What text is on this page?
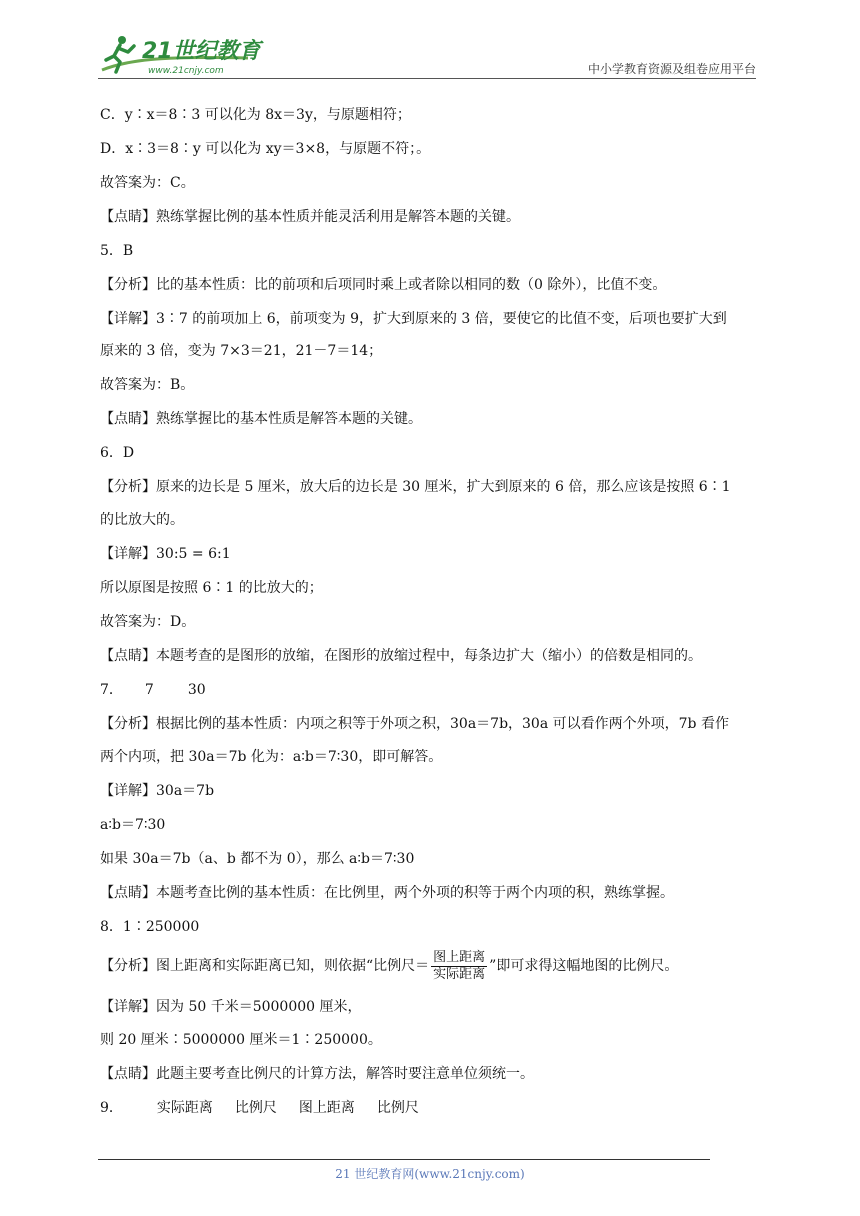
21世纪教育
www.21cnjy.com	中小学教育资源及组卷应用平台
C．y∶x＝8∶3 可以化为 8x＝3y，与原题相符；
D．x∶3＝8∶y 可以化为 xy＝3×8，与原题不符；。
故答案为：C。
【点睛】熟练掌握比例的基本性质并能灵活利用是解答本题的关键。
5．B
【分析】比的基本性质：比的前项和后项同时乘上或者除以相同的数（0 除外），比值不变。
【详解】3∶7 的前项加上 6，前项变为 9，扩大到原来的 3 倍，要使它的比值不变，后项也要扩大到
原来的 3 倍，变为 7×3＝21，21－7＝14；
故答案为：B。
【点睛】熟练掌握比的基本性质是解答本题的关键。
6．D
【分析】原来的边长是 5 厘米，放大后的边长是 30 厘米，扩大到原来的 6 倍，那么应该是按照 6∶1
的比放大的。
【详解】30:5 = 6:1
所以原图是按照 6∶1 的比放大的；
故答案为：D。
【点睛】本题考查的是图形的放缩，在图形的放缩过程中，每条边扩大（缩小）的倍数是相同的。
7． 7 30
【分析】根据比例的基本性质：内项之积等于外项之积，30a＝7b，30a 可以看作两个外项，7b 看作
两个内项，把 30a＝7b 化为：a∶b＝7∶30，即可解答。
【详解】30a＝7b
a∶b＝7∶30
如果 30a＝7b（a、b 都不为 0），那么 a∶b＝7∶30
【点睛】本题考查比例的基本性质：在比例里，两个外项的积等于两个内项的积，熟练掌握。
8．1∶250000
【分析】图上距离和实际距离已知，则依据“比例尺＝ $\frac{\text{图上距离}}{\text{实际距离}}$ ”即可求得这幅地图的比例尺。
【详解】因为 50 千米＝5000000 厘米，
则 20 厘米∶5000000 厘米＝1∶250000。
【点睛】此题主要考查比例尺的计算方法，解答时要注意单位须统一。
9． 实际距离 比例尺 图上距离 比例尺
21 世纪教育网(www.21cnjy.com)
